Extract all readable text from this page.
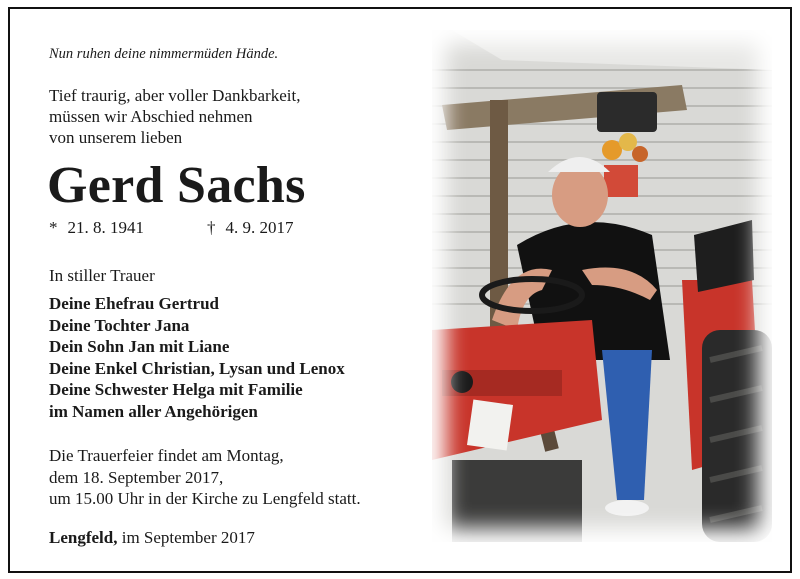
Nun ruhen deine nimmermüden Hände.
Tief traurig, aber voller Dankbarkeit,
müssen wir Abschied nehmen
von unserem lieben
Gerd Sachs
* 21. 8. 1941	† 4. 9. 2017
In stiller Trauer
Deine Ehefrau Gertrud
Deine Tochter Jana
Dein Sohn Jan mit Liane
Deine Enkel Christian, Lysan und Lenox
Deine Schwester Helga mit Familie
im Namen aller Angehörigen
Die Trauerfeier findet am Montag,
dem 18. September 2017,
um 15.00 Uhr in der Kirche zu Lengfeld statt.
Lengfeld, im September 2017
